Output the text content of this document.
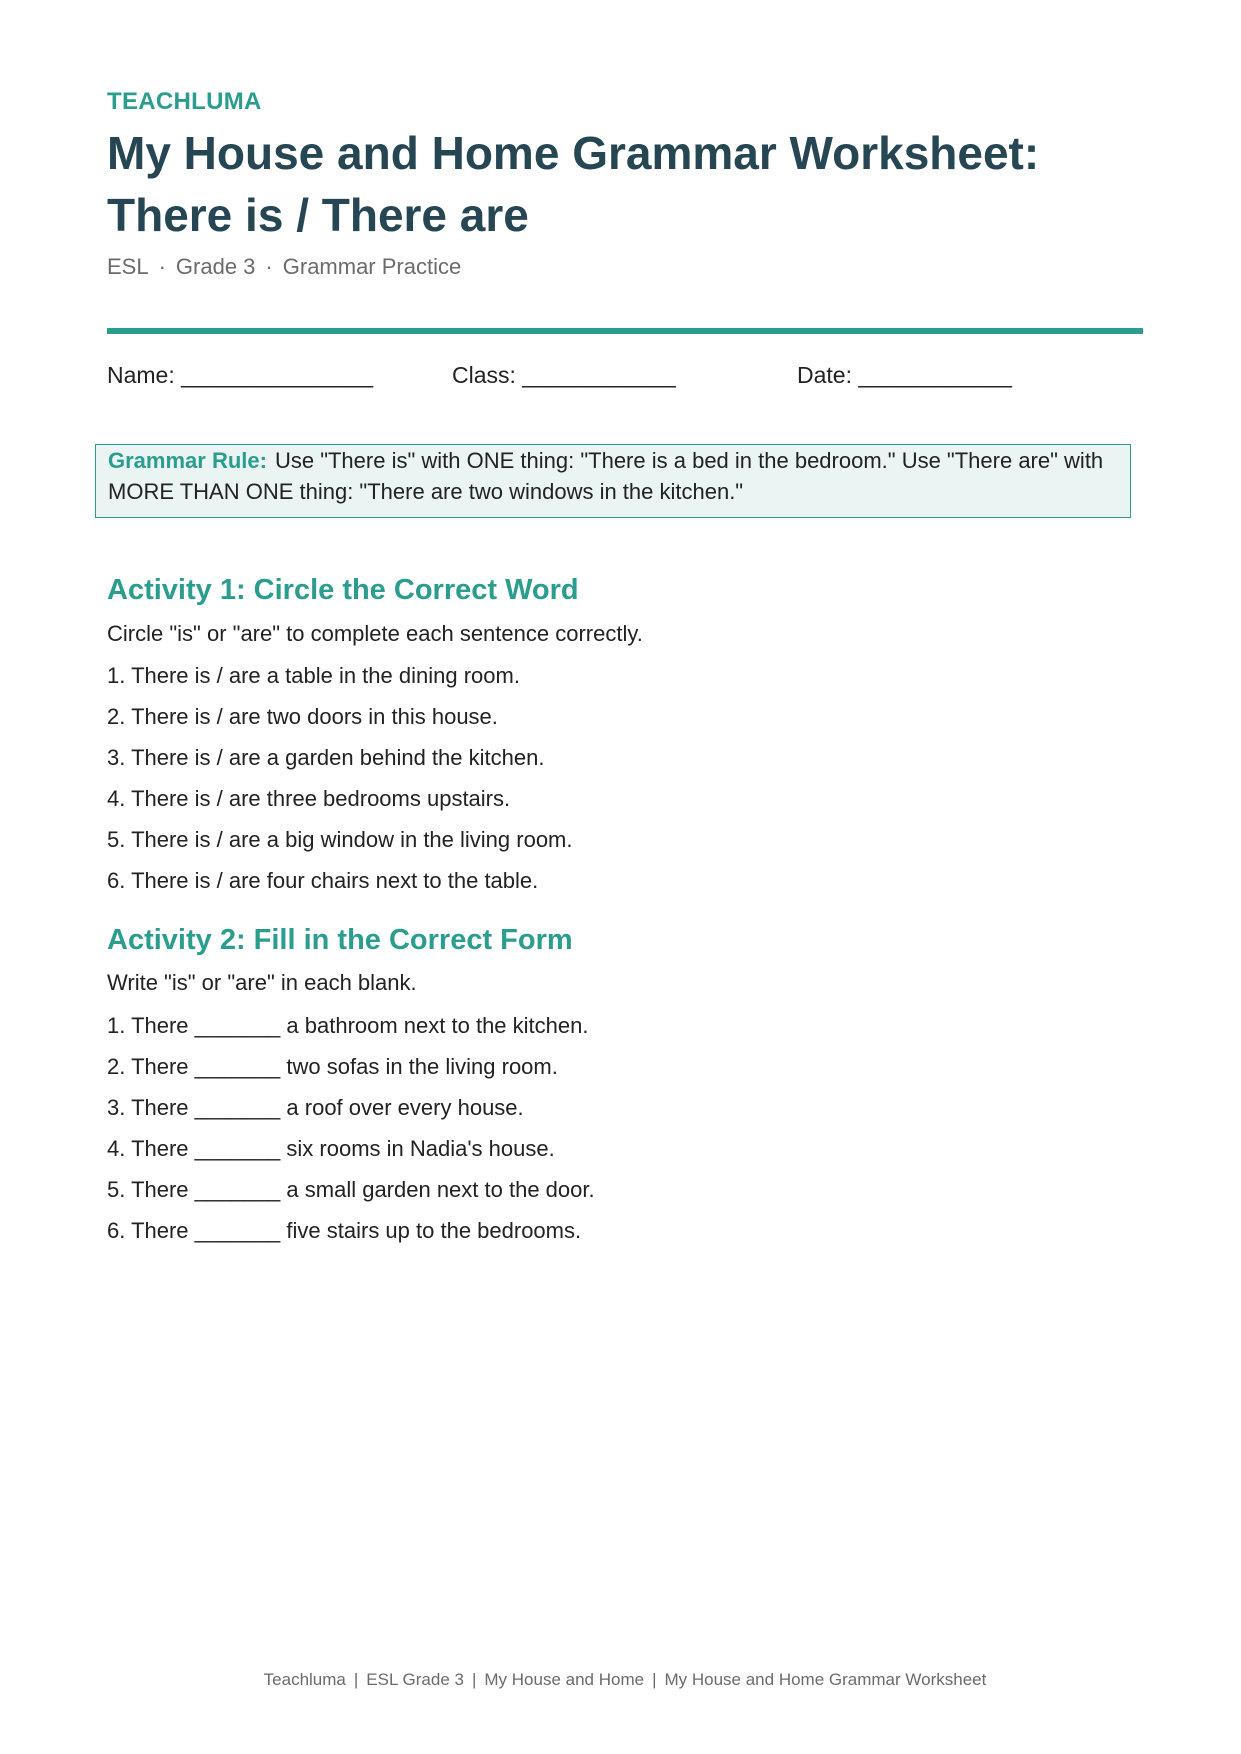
TEACHLUMA
My House and Home Grammar Worksheet:
There is / There are
ESL · Grade 3 · Grammar Practice
Name: _______________	Class: ____________	Date: ____________
Grammar Rule: Use "There is" with ONE thing: "There is a bed in the bedroom." Use "There are" with MORE THAN ONE thing: "There are two windows in the kitchen."
Activity 1: Circle the Correct Word
Circle "is" or "are" to complete each sentence correctly.
1. There is / are a table in the dining room.
2. There is / are two doors in this house.
3. There is / are a garden behind the kitchen.
4. There is / are three bedrooms upstairs.
5. There is / are a big window in the living room.
6. There is / are four chairs next to the table.
Activity 2: Fill in the Correct Form
Write "is" or "are" in each blank.
1. There _______ a bathroom next to the kitchen.
2. There _______ two sofas in the living room.
3. There _______ a roof over every house.
4. There _______ six rooms in Nadia's house.
5. There _______ a small garden next to the door.
6. There _______ five stairs up to the bedrooms.
Teachluma | ESL Grade 3 | My House and Home | My House and Home Grammar Worksheet
